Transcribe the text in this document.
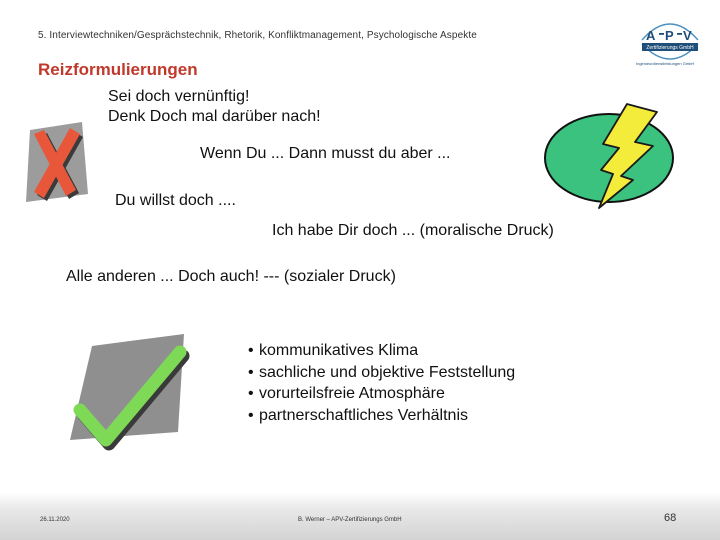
5. Interviewtechniken/Gesprächstechnik, Rhetorik, Konfliktmanagement, Psychologische Aspekte
Reizformulierungen
A P V
Zertifizierungs GmbH
Ingenieurdienstleistungen GmbH
Sei doch vernünftig!
Denk Doch mal darüber nach!
Wenn Du ... Dann musst du aber ...
Du willst doch ....
Ich habe Dir doch ... (moralische Druck)
Alle anderen ... Doch auch! --- (sozialer Druck)
• kommunikatives Klima
• sachliche und objektive Feststellung
• vorurteilsfreie Atmosphäre
• partnerschaftliches Verhältnis
26.11.2020	B. Werner – APV-Zertifizierungs GmbH	68
